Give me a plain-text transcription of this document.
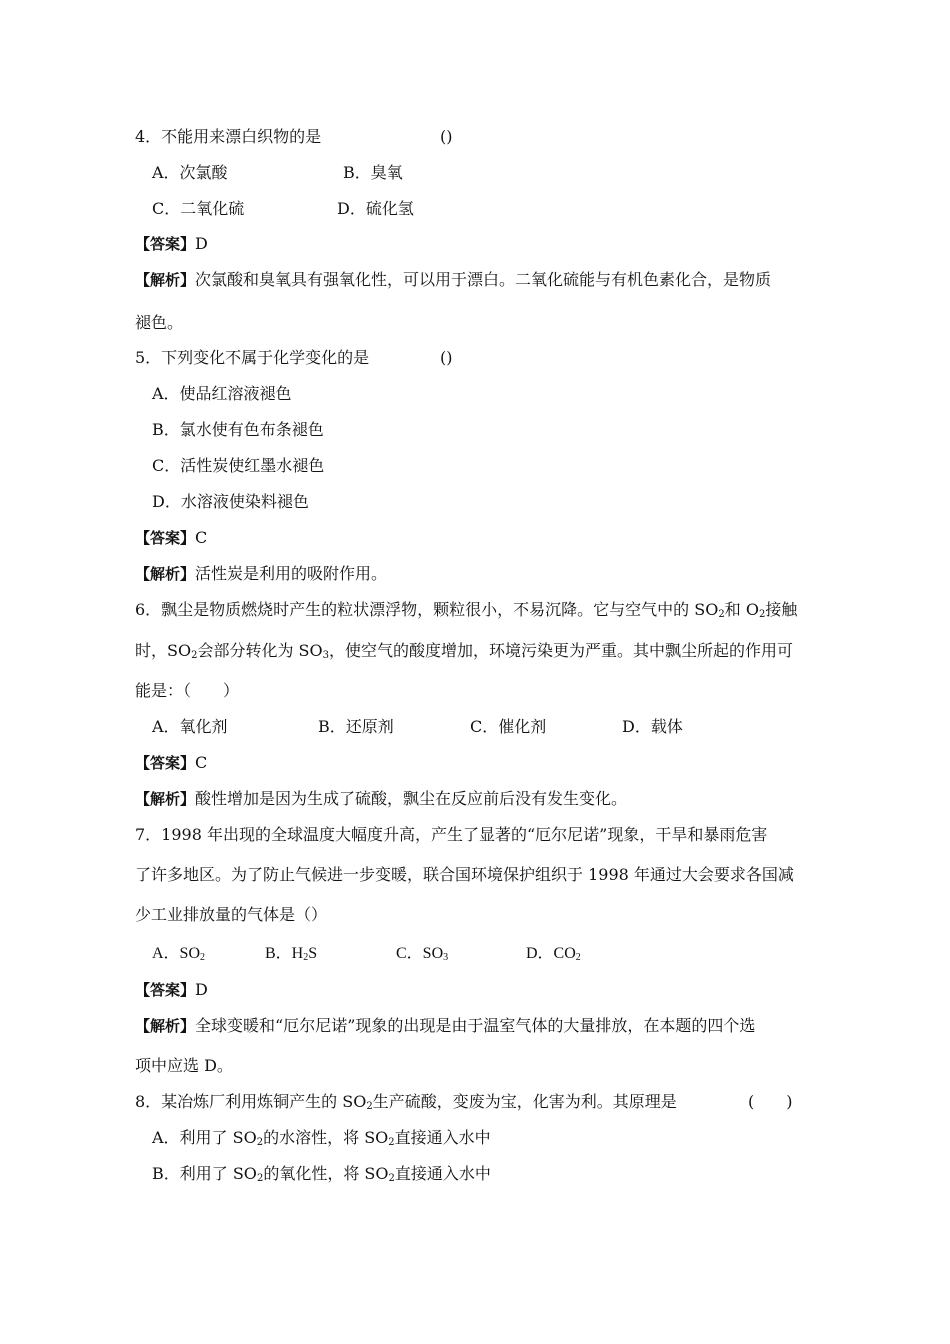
4．不能用来漂白织物的是	()
A．次氯酸	B．臭氧
C．二氧化硫	D．硫化氢
【答案】D
【解析】次氯酸和臭氧具有强氧化性，可以用于漂白。二氧化硫能与有机色素化合，是物质
褪色。
5．下列变化不属于化学变化的是	()
A．使品红溶液褪色
B．氯水使有色布条褪色
C．活性炭使红墨水褪色
D．水溶液使染料褪色
【答案】C
【解析】活性炭是利用的吸附作用。
6．飘尘是物质燃烧时产生的粒状漂浮物，颗粒很小，不易沉降。它与空气中的 $SO_2$和 $O_2$接触
时，$SO_2$会部分转化为 $SO_3$，使空气的酸度增加，环境污染更为严重。其中飘尘所起的作用可
能是：（　　）
A．氧化剂	B．还原剂	C．催化剂	D．载体
【答案】C
【解析】酸性增加是因为生成了硫酸，飘尘在反应前后没有发生变化。
7．1998 年出现的全球温度大幅度升高，产生了显著的“厄尔尼诺”现象，干旱和暴雨危害
了许多地区。为了防止气候进一步变暖，联合国环境保护组织于 1998 年通过大会要求各国减
少工业排放量的气体是（）
A．$SO_2$	B．$H_2S$	C．$SO_3$	D．$CO_2$
【答案】D
【解析】全球变暖和“厄尔尼诺”现象的出现是由于温室气体的大量排放，在本题的四个选
项中应选 D。
8．某冶炼厂利用炼铜产生的 $SO_2$生产硫酸，变废为宝，化害为利。其原理是	(　　)
A．利用了 $SO_2$的水溶性，将 $SO_2$直接通入水中
B．利用了 $SO_2$的氧化性，将 $SO_2$直接通入水中
